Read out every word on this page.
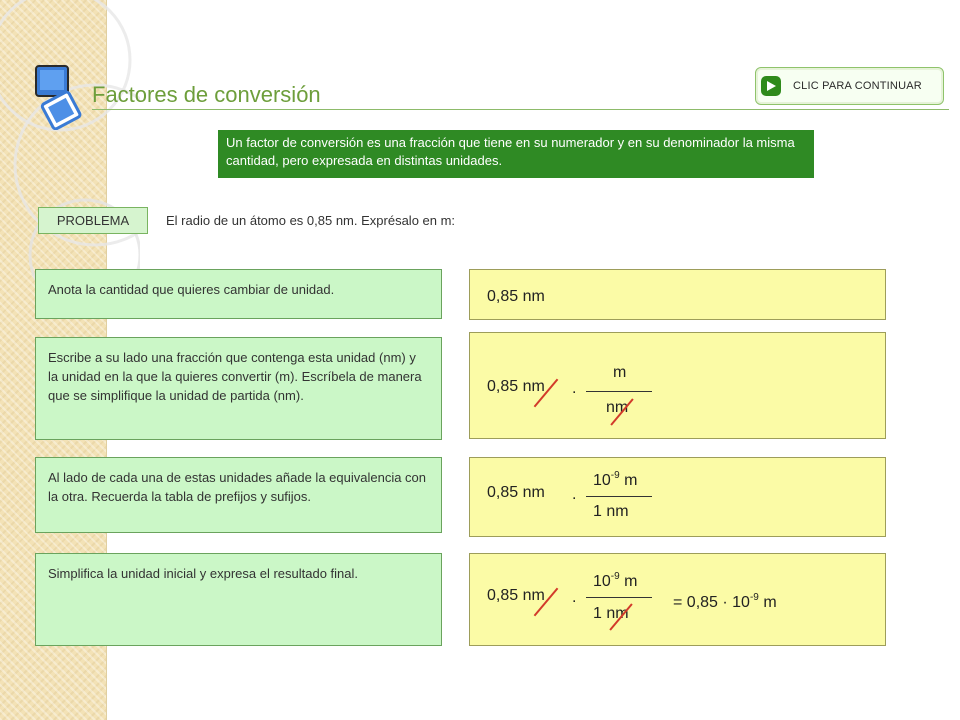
Factores de conversión	CLIC PARA CONTINUAR
Un factor de conversión es una fracción que tiene en su numerador y en su denominador la misma cantidad, pero expresada en distintas unidades.
PROBLEMA	El radio de un átomo es 0,85 nm. Exprésalo en m:
Anota la cantidad que quieres cambiar de unidad.	0,85 nm
Escribe a su lado una fracción que contenga esta unidad (nm) y la unidad en la que la quieres convertir (m). Escríbela de manera que se simplifique la unidad de partida (nm).
0,85 nm .
m
nm
Al lado de cada una de estas unidades añade la equivalencia con la otra. Recuerda la tabla de prefijos y sufijos.	0,85 nm .
$10^{-9}$ m
1 nm
Simplifica la unidad inicial y expresa el resultado final.
0,85 nm .
$10^{-9}$ m
1 nm
= $0,85 \cdot 10^{-9}$ m
